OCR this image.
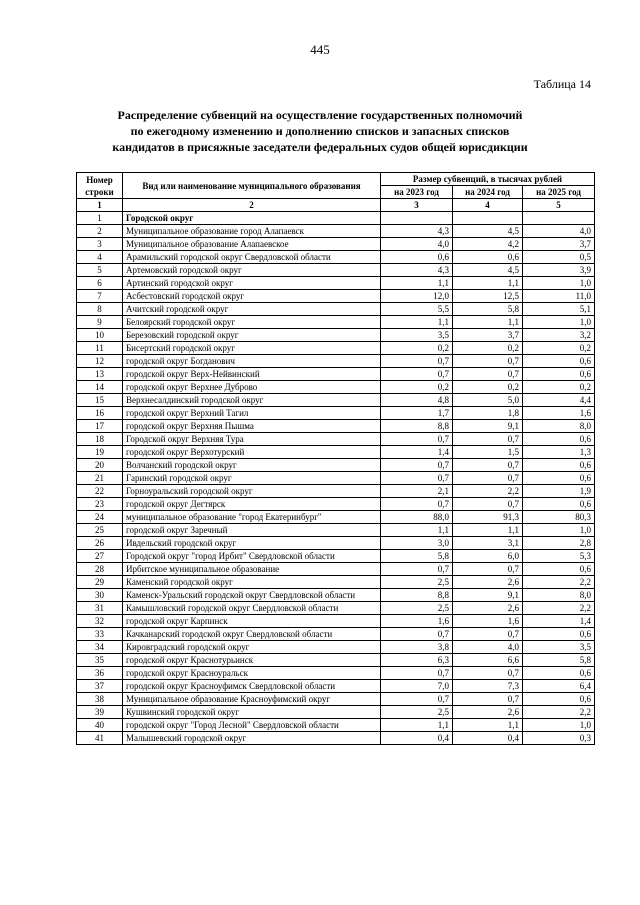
445
Таблица 14
Распределение субвенций на осуществление государственных полномочий
по ежегодному изменению и дополнению списков и запасных списков
кандидатов в присяжные заседатели федеральных судов общей юрисдикции
Номер строки	Вид или наименование муниципального образования	Размер субвенций, в тысячах рублей		
		на 2023 год	на 2024 год	на 2025 год
1	2	3	4	5
1	Городской округ			
2	Муниципальное образование город Алапаевск	4,3	4,5	4,0
3	Муниципальное образование Алапаевское	4,0	4,2	3,7
4	Арамильский городской округ Свердловской области	0,6	0,6	0,5
5	Артемовский городской округ	4,3	4,5	3,9
6	Артинский городской округ	1,1	1,1	1,0
7	Асбестовский городской округ	12,0	12,5	11,0
8	Ачитский городской округ	5,5	5,8	5,1
9	Белоярский городской округ	1,1	1,1	1,0
10	Березовский городской округ	3,5	3,7	3,2
11	Бисертский городской округ	0,2	0,2	0,2
12	городской округ Богданович	0,7	0,7	0,6
13	городской округ Верх-Нейвинский	0,7	0,7	0,6
14	городской округ Верхнее Дуброво	0,2	0,2	0,2
15	Верхнесалдинский городской округ	4,8	5,0	4,4
16	городской округ Верхний Тагил	1,7	1,8	1,6
17	городской округ Верхняя Пышма	8,8	9,1	8,0
18	Городской округ Верхняя Тура	0,7	0,7	0,6
19	городской округ Верхотурский	1,4	1,5	1,3
20	Волчанский городской округ	0,7	0,7	0,6
21	Гаринский городской округ	0,7	0,7	0,6
22	Горноуральский городской округ	2,1	2,2	1,9
23	городской округ Дегтярск	0,7	0,7	0,6
24	муниципальное образование "город Екатеринбург"	88,0	91,3	80,3
25	городской округ Заречный	1,1	1,1	1,0
26	Ивдельский городской округ	3,0	3,1	2,8
27	Городской округ "город Ирбит" Свердловской области	5,8	6,0	5,3
28	Ирбитское муниципальное образование	0,7	0,7	0,6
29	Каменский городской округ	2,5	2,6	2,2
30	Каменск-Уральский городской округ Свердловской области	8,8	9,1	8,0
31	Камышловский городской округ Свердловской области	2,5	2,6	2,2
32	городской округ Карпинск	1,6	1,6	1,4
33	Качканарский городской округ Свердловской области	0,7	0,7	0,6
34	Кировградский городской округ	3,8	4,0	3,5
35	городской округ Краснотурьинск	6,3	6,6	5,8
36	городской округ Красноуральск	0,7	0,7	0,6
37	городской округ Красноуфимск Свердловской области	7,0	7,3	6,4
38	Муниципальное образование Красноуфимский округ	0,7	0,7	0,6
39	Кушвинский городской округ	2,5	2,6	2,2
40	городской округ "Город Лесной" Свердловской области	1,1	1,1	1,0
41	Малышевский городской округ	0,4	0,4	0,3
